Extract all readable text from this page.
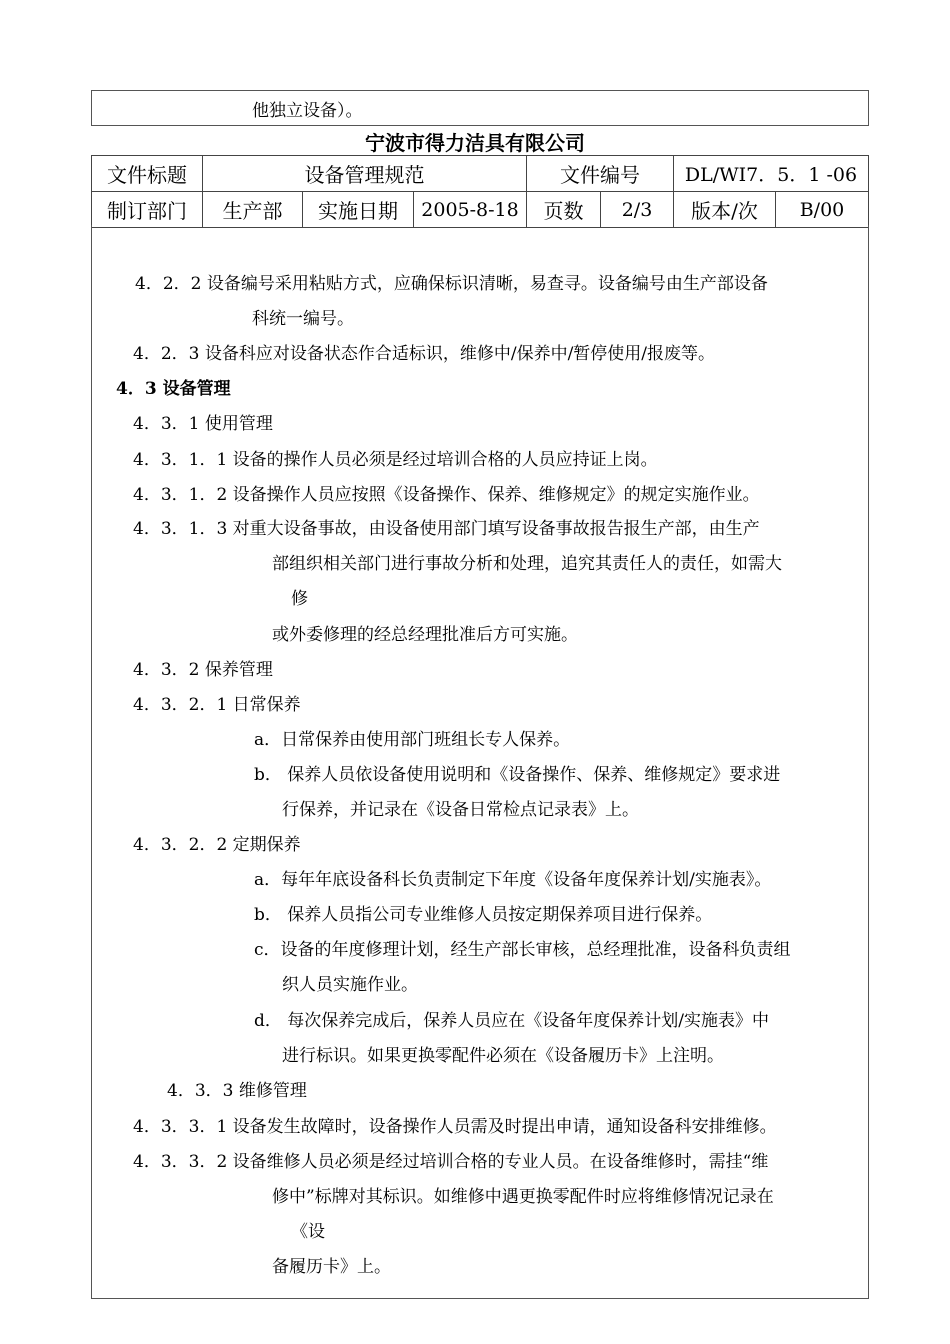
他独立设备）。
宁波市得力洁具有限公司
文件标题	设备管理规范			文件编号		DL/WI7．5．1 -06	
制订部门	生产部	实施日期	2005-8-18	页数	2/3	版本/次	B/00
4．2．2 设备编号采用粘贴方式，应确保标识清晰，易查寻。设备编号由生产部设备
科统一编号。
4．2．3 设备科应对设备状态作合适标识，维修中/保养中/暂停使用/报废等。
4．3 设备管理
4．3．1 使用管理
4．3．1．1 设备的操作人员必须是经过培训合格的人员应持证上岗。
4．3．1．2 设备操作人员应按照《设备操作、保养、维修规定》的规定实施作业。
4．3．1．3 对重大设备事故，由设备使用部门填写设备事故报告报生产部，由生产
部组织相关部门进行事故分析和处理，追究其责任人的责任，如需大
修
或外委修理的经总经理批准后方可实施。
4．3．2 保养管理
4．3．2．1 日常保养
a．日常保养由使用部门班组长专人保养。
b． 保养人员依设备使用说明和《设备操作、保养、维修规定》要求进
行保养，并记录在《设备日常检点记录表》上。
4．3．2．2 定期保养
a．每年年底设备科长负责制定下年度《设备年度保养计划/实施表》。
b． 保养人员指公司专业维修人员按定期保养项目进行保养。
c．设备的年度修理计划，经生产部长审核，总经理批准，设备科负责组
织人员实施作业。
d． 每次保养完成后，保养人员应在《设备年度保养计划/实施表》中
进行标识。如果更换零配件必须在《设备履历卡》上注明。
4．3．3 维修管理
4．3．3．1 设备发生故障时，设备操作人员需及时提出申请，通知设备科安排维修。
4．3．3．2 设备维修人员必须是经过培训合格的专业人员。在设备维修时，需挂“维
修中”标牌对其标识。如维修中遇更换零配件时应将维修情况记录在
《设
备履历卡》上。
